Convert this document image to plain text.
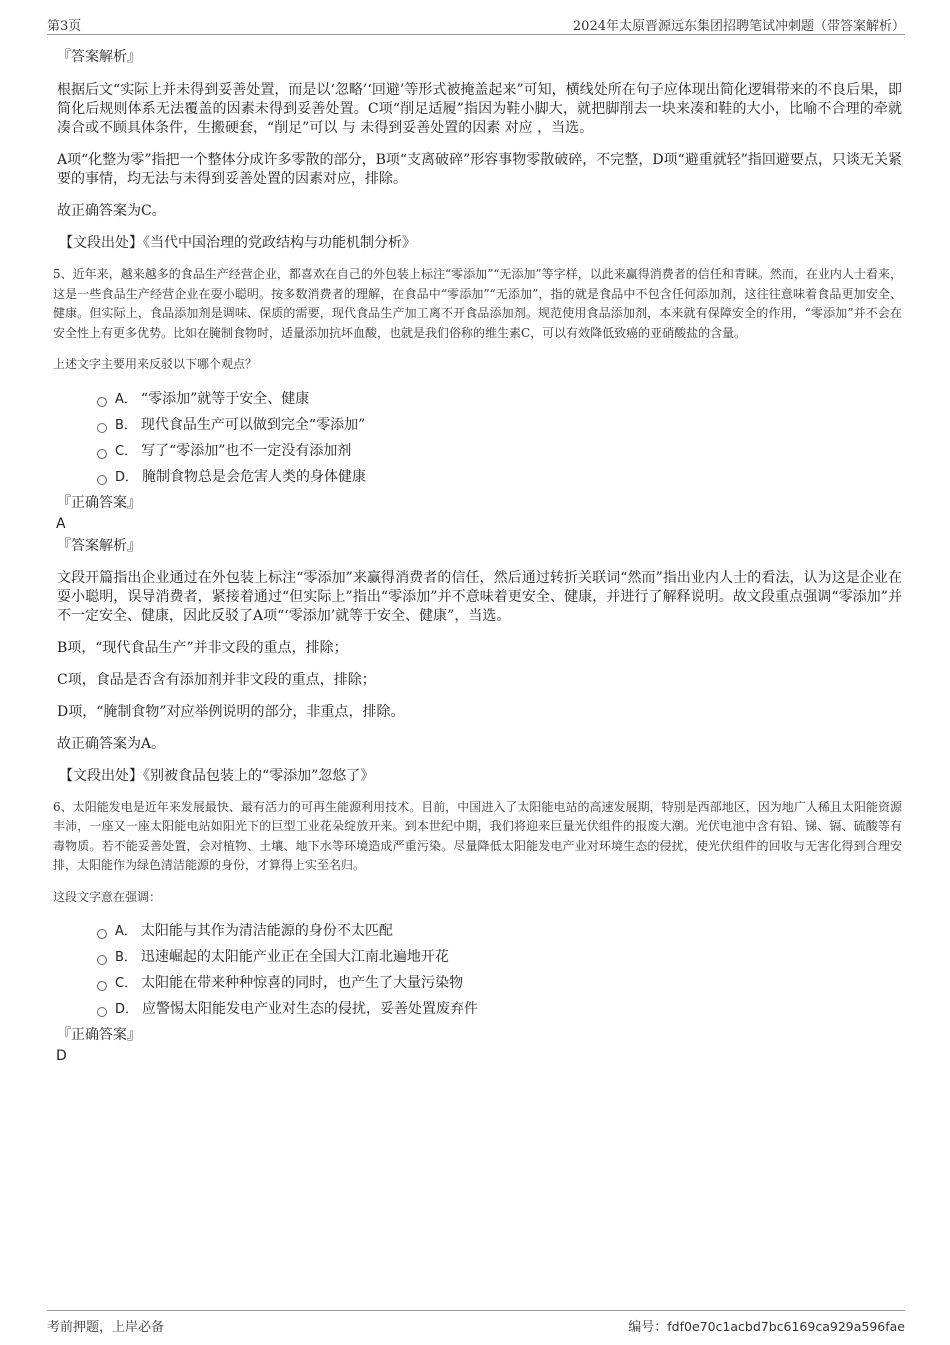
第3页	2024年太原晋源远东集团招聘笔试冲刺题（带答案解析）

『答案解析』

根据后文“实际上并未得到妥善处置，而是以‘忽略’‘回避’等形式被掩盖起来”可知，横线处所在句子应体现出简化逻辑带来的不良后果，即简化后规则体系无法覆盖的因素未得到妥善处置。C项“削足适履”指因为鞋小脚大，就把脚削去一块来凑和鞋的大小，比喻不合理的牵就凑合或不顾具体条件，生搬硬套，“削足”可以 与 未得到妥善处置的因素 对应 ，当选。

A项“化整为零”指把一个整体分成许多零散的部分，B项“支离破碎”形容事物零散破碎，不完整，D项“避重就轻”指回避要点，只谈无关紧要的事情，均无法与未得到妥善处置的因素对应，排除。

故正确答案为C。

【文段出处】《当代中国治理的党政结构与功能机制分析》

5、近年来，越来越多的食品生产经营企业，都喜欢在自己的外包装上标注“零添加”“无添加”等字样，以此来赢得消费者的信任和青睐。然而，在业内人士看来，这是一些食品生产经营企业在耍小聪明。按多数消费者的理解，在食品中“零添加”“无添加”，指的就是食品中不包含任何添加剂，这往往意味着食品更加安全、健康。但实际上，食品添加剂是调味、保质的需要，现代食品生产加工离不开食品添加剂。规范使用食品添加剂，本来就有保障安全的作用，“零添加”并不会在安全性上有更多优势。比如在腌制食物时，适量添加抗坏血酸，也就是我们俗称的维生素C，可以有效降低致癌的亚硝酸盐的含量。

上述文字主要用来反驳以下哪个观点？

A． “零添加”就等于安全、健康
B． 现代食品生产可以做到完全“零添加”
C． 写了“零添加”也不一定没有添加剂
D． 腌制食物总是会危害人类的身体健康

『正确答案』

A

『答案解析』

文段开篇指出企业通过在外包装上标注“零添加”来赢得消费者的信任，然后通过转折关联词“然而”指出业内人士的看法，认为这是企业在耍小聪明，误导消费者，紧接着通过“但实际上”指出“零添加”并不意味着更安全、健康，并进行了解释说明。故文段重点强调“零添加”并不一定安全、健康，因此反驳了A项“‘零添加’就等于安全、健康”，当选。

B项，“现代食品生产”并非文段的重点，排除；

C项，食品是否含有添加剂并非文段的重点，排除；

D项，“腌制食物”对应举例说明的部分，非重点，排除。

故正确答案为A。

【文段出处】《别被食品包装上的“零添加”忽悠了》

6、太阳能发电是近年来发展最快、最有活力的可再生能源利用技术。目前，中国进入了太阳能电站的高速发展期，特别是西部地区，因为地广人稀且太阳能资源丰沛，一座又一座太阳能电站如阳光下的巨型工业花朵绽放开来。到本世纪中期，我们将迎来巨量光伏组件的报废大潮。光伏电池中含有铅、锑、镉、硫酸等有毒物质。若不能妥善处置，会对植物、土壤、地下水等环境造成严重污染。尽量降低太阳能发电产业对环境生态的侵扰，使光伏组件的回收与无害化得到合理安排，太阳能作为绿色清洁能源的身份，才算得上实至名归。

这段文字意在强调：

A． 太阳能与其作为清洁能源的身份不太匹配
B． 迅速崛起的太阳能产业正在全国大江南北遍地开花
C． 太阳能在带来种种惊喜的同时，也产生了大量污染物
D． 应警惕太阳能发电产业对生态的侵扰，妥善处置废弃件

『正确答案』

D

考前押题，上岸必备	编号：fdf0e70c1acbd7bc6169ca929a596fae
